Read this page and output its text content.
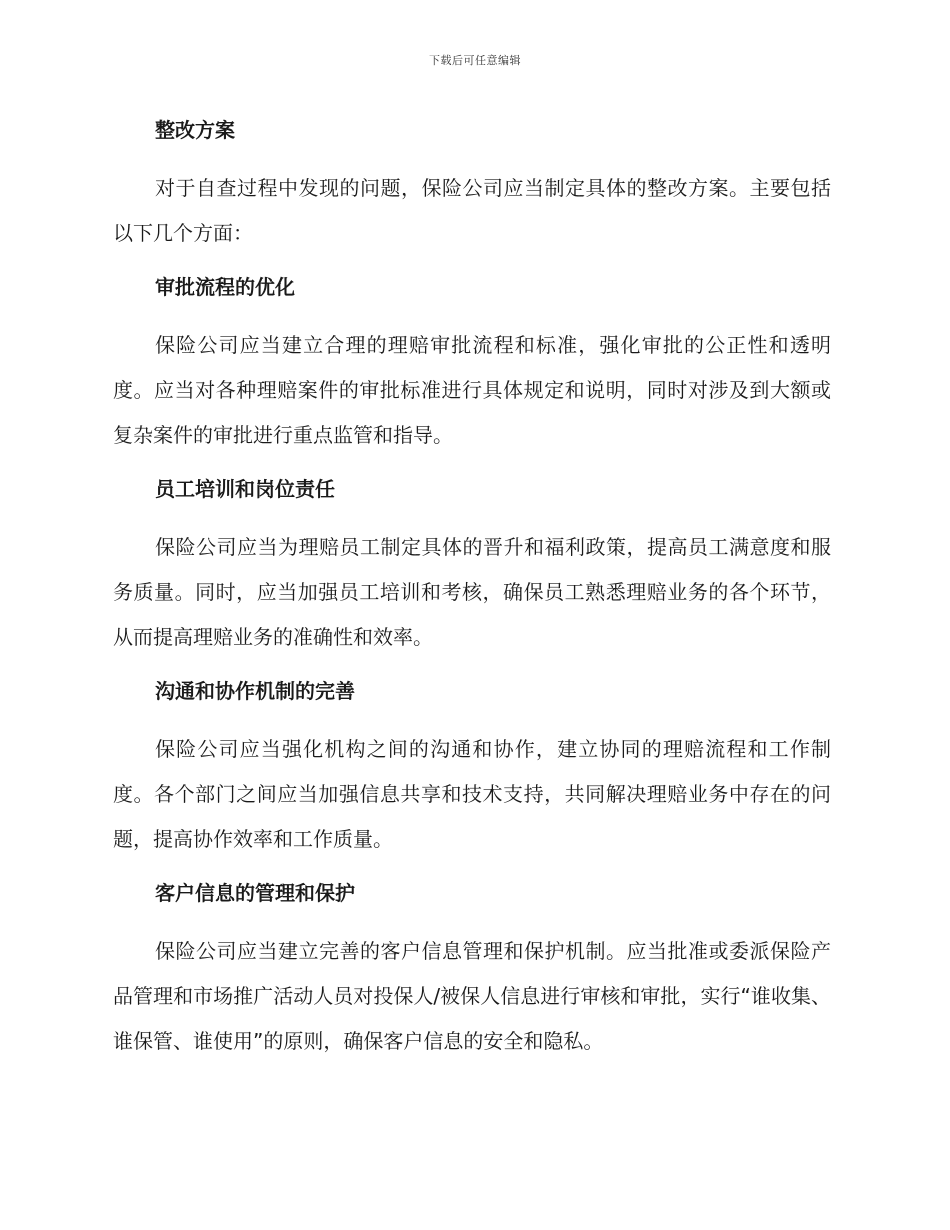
下载后可任意编辑

整改方案

对于自查过程中发现的问题，保险公司应当制定具体的整改方案。主要包括以下几个方面：

审批流程的优化

保险公司应当建立合理的理赔审批流程和标准，强化审批的公正性和透明度。应当对各种理赔案件的审批标准进行具体规定和说明，同时对涉及到大额或复杂案件的审批进行重点监管和指导。

员工培训和岗位责任

保险公司应当为理赔员工制定具体的晋升和福利政策，提高员工满意度和服务质量。同时，应当加强员工培训和考核，确保员工熟悉理赔业务的各个环节，从而提高理赔业务的准确性和效率。

沟通和协作机制的完善

保险公司应当强化机构之间的沟通和协作，建立协同的理赔流程和工作制度。各个部门之间应当加强信息共享和技术支持，共同解决理赔业务中存在的问题，提高协作效率和工作质量。

客户信息的管理和保护

保险公司应当建立完善的客户信息管理和保护机制。应当批准或委派保险产品管理和市场推广活动人员对投保人/被保人信息进行审核和审批，实行“谁收集、谁保管、谁使用”的原则，确保客户信息的安全和隐私。
